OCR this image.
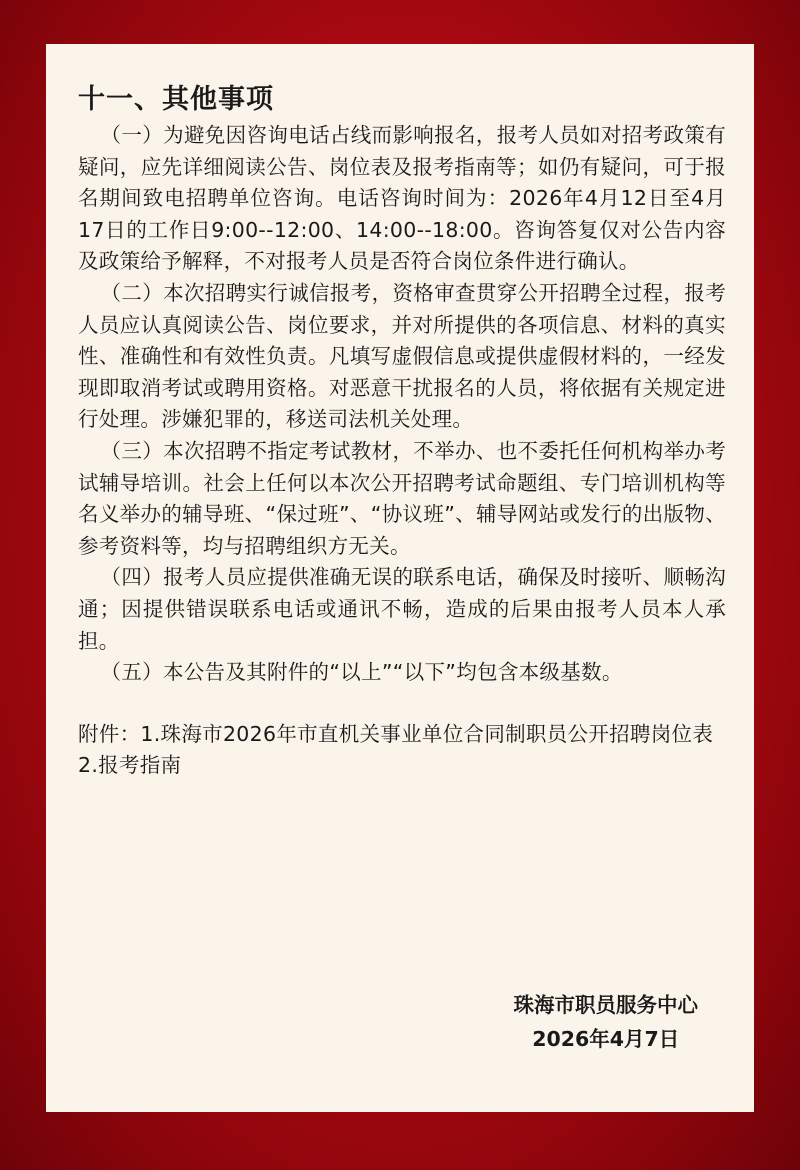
十一、其他事项

（一）为避免因咨询电话占线而影响报名，报考人员如对招考政策有疑问，应先详细阅读公告、岗位表及报考指南等；如仍有疑问，可于报名期间致电招聘单位咨询。电话咨询时间为：2026年4月12日至4月17日的工作日9:00--12:00、14:00--18:00。咨询答复仅对公告内容及政策给予解释，不对报考人员是否符合岗位条件进行确认。

（二）本次招聘实行诚信报考，资格审查贯穿公开招聘全过程，报考人员应认真阅读公告、岗位要求，并对所提供的各项信息、材料的真实性、准确性和有效性负责。凡填写虚假信息或提供虚假材料的，一经发现即取消考试或聘用资格。对恶意干扰报名的人员，将依据有关规定进行处理。涉嫌犯罪的，移送司法机关处理。

（三）本次招聘不指定考试教材，不举办、也不委托任何机构举办考试辅导培训。社会上任何以本次公开招聘考试命题组、专门培训机构等名义举办的辅导班、“保过班”、“协议班”、辅导网站或发行的出版物、参考资料等，均与招聘组织方无关。

（四）报考人员应提供准确无误的联系电话，确保及时接听、顺畅沟通；因提供错误联系电话或通讯不畅，造成的后果由报考人员本人承担。

（五）本公告及其附件的“以上”“以下”均包含本级基数。

附件：1.珠海市2026年市直机关事业单位合同制职员公开招聘岗位表

2.报考指南

珠海市职员服务中心
2026年4月7日
